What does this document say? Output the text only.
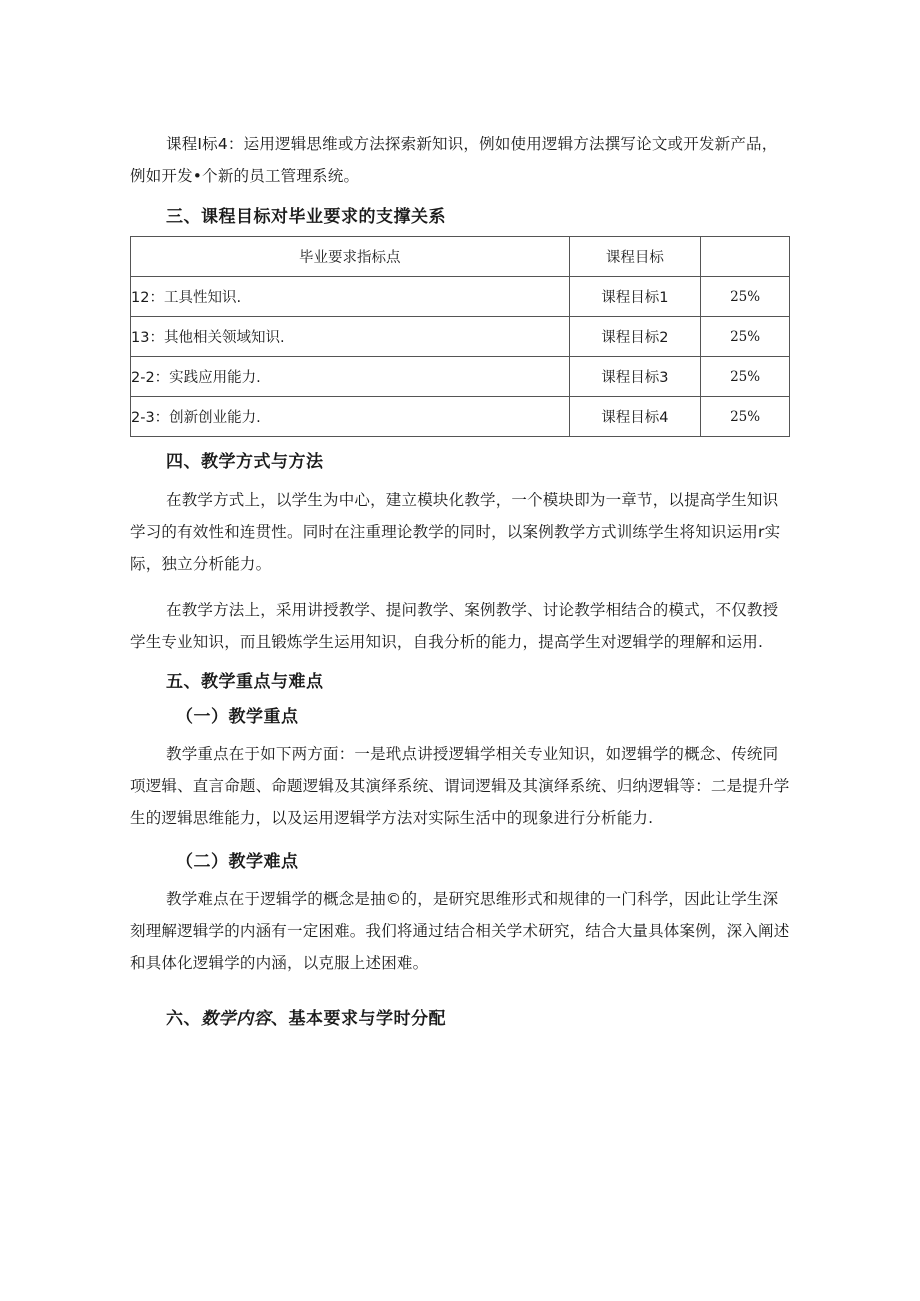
课程I标4：运用逻辑思维或方法探索新知识，例如使用逻辑方法撰写论文或开发新产品，例如开发•个新的员工管理系统。

三、课程目标对毕业要求的支撑关系
毕业要求指标点	课程目标	
12：工具性知识.	课程目标1	25%
13：其他相关领域知识.	课程目标2	25%
2-2：实践应用能力.	课程目标3	25%
2-3：创新创业能力.	课程目标4	25%
四、教学方式与方法

在教学方式上，以学生为中心，建立模块化教学，一个模块即为一章节，以提高学生知识学习的有效性和连贯性。同时在注重理论教学的同时，以案例教学方式训练学生将知识运用r实际，独立分析能力。

在教学方法上，采用讲授教学、提问教学、案例教学、讨论教学相结合的模式，不仅教授学生专业知识，而且锻炼学生运用知识，自我分析的能力，提高学生对逻辑学的理解和运用.

五、教学重点与难点
（一）教学重点

教学重点在于如下两方面：一是玳点讲授逻辑学相关专业知识，如逻辑学的概念、传统同项逻辑、直言命题、命题逻辑及其演绎系统、谓词逻辑及其演绎系统、归纳逻辑等：二是提升学生的逻辑思维能力，以及运用逻辑学方法对实际生活中的现象进行分析能力.

（二）教学难点

教学难点在于逻辑学的概念是抽©的，是研究思维形式和规律的一门科学，因此让学生深刻理解逻辑学的内涵有一定困难。我们将通过结合相关学术研究，结合大量具体案例，深入阐述和具体化逻辑学的内涵，以克服上述困难。

六、数学内容、基本要求与学时分配
